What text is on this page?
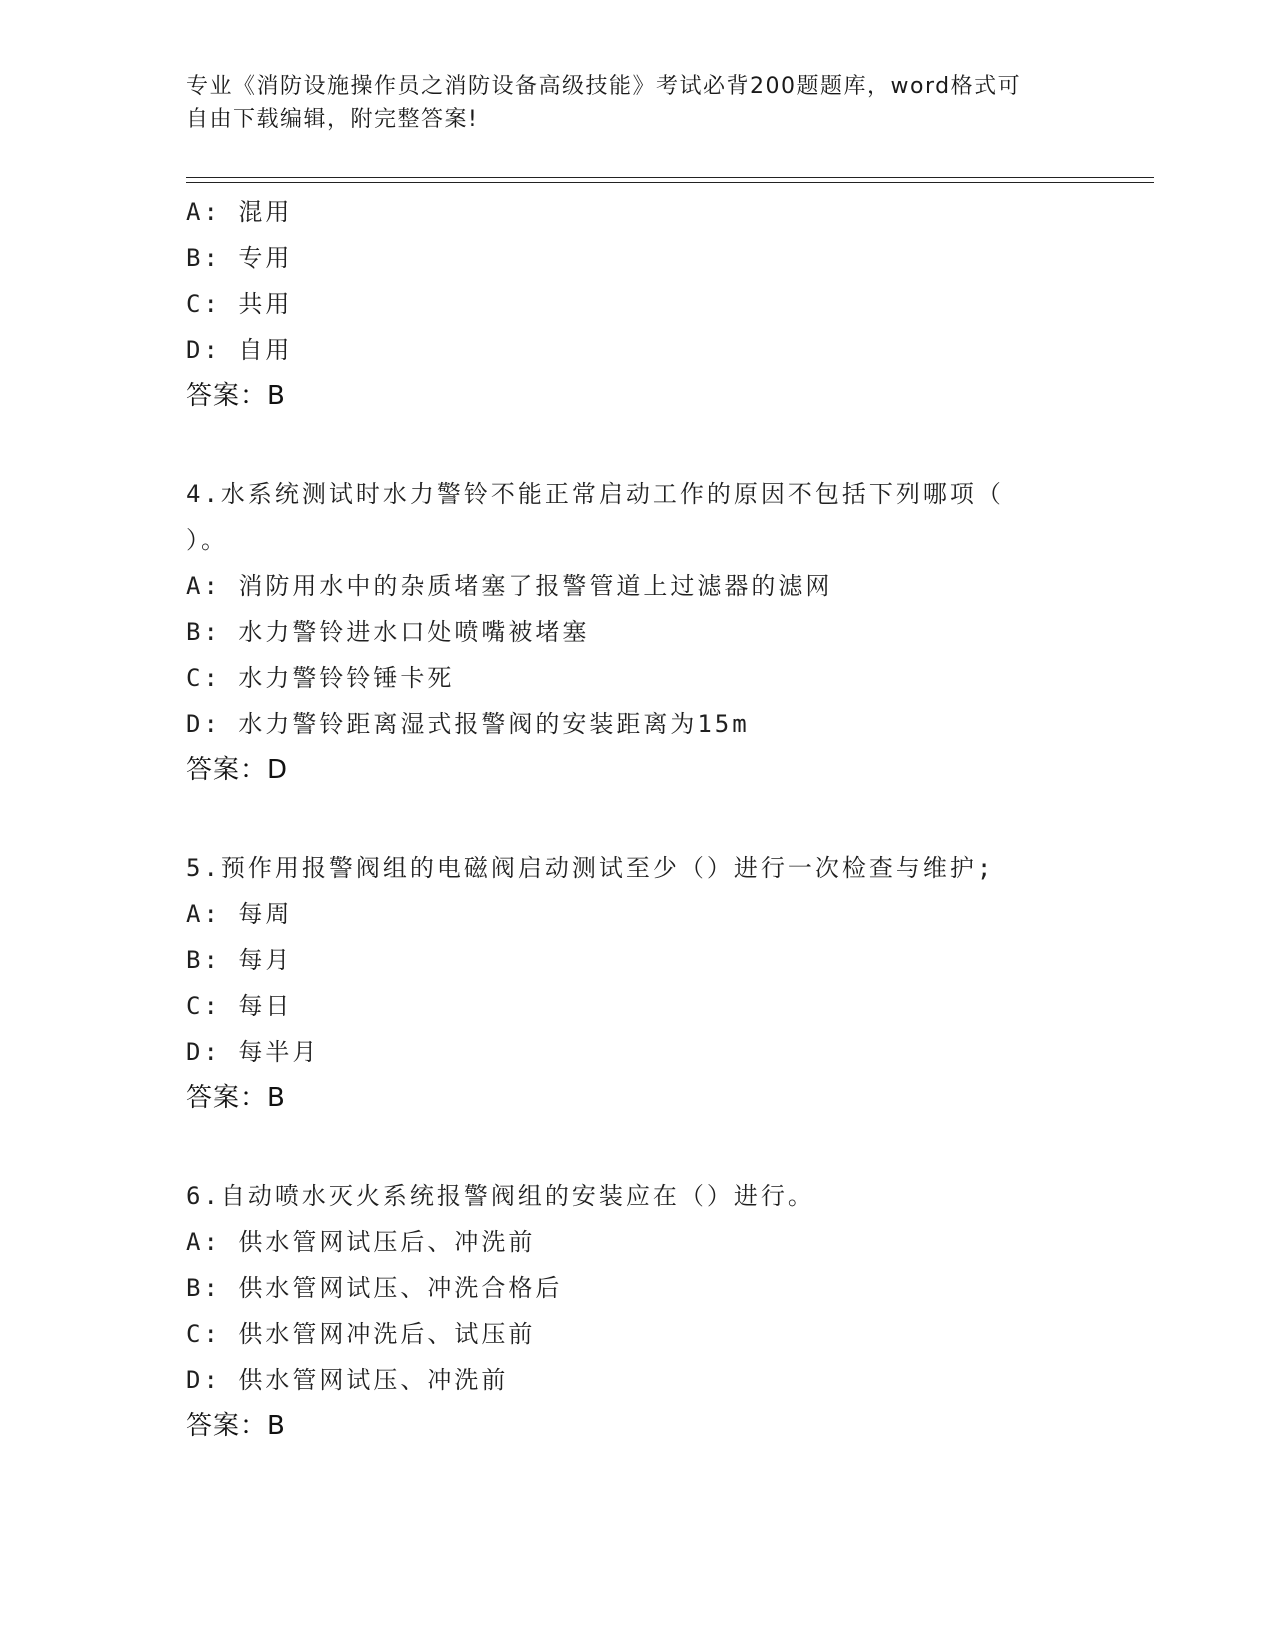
专业《消防设施操作员之消防设备高级技能》考试必背200题题库，word格式可
自由下载编辑，附完整答案!
A: 混用
B: 专用
C: 共用
D: 自用
答案：B
4.水系统测试时水力警铃不能正常启动工作的原因不包括下列哪项（
）。
A: 消防用水中的杂质堵塞了报警管道上过滤器的滤网
B: 水力警铃进水口处喷嘴被堵塞
C: 水力警铃铃锤卡死
D: 水力警铃距离湿式报警阀的安装距离为15m
答案：D
5.预作用报警阀组的电磁阀启动测试至少（）进行一次检查与维护;
A: 每周
B: 每月
C: 每日
D: 每半月
答案：B
6.自动喷水灭火系统报警阀组的安装应在（）进行。
A: 供水管网试压后、冲洗前
B: 供水管网试压、冲洗合格后
C: 供水管网冲洗后、试压前
D: 供水管网试压、冲洗前
答案：B
